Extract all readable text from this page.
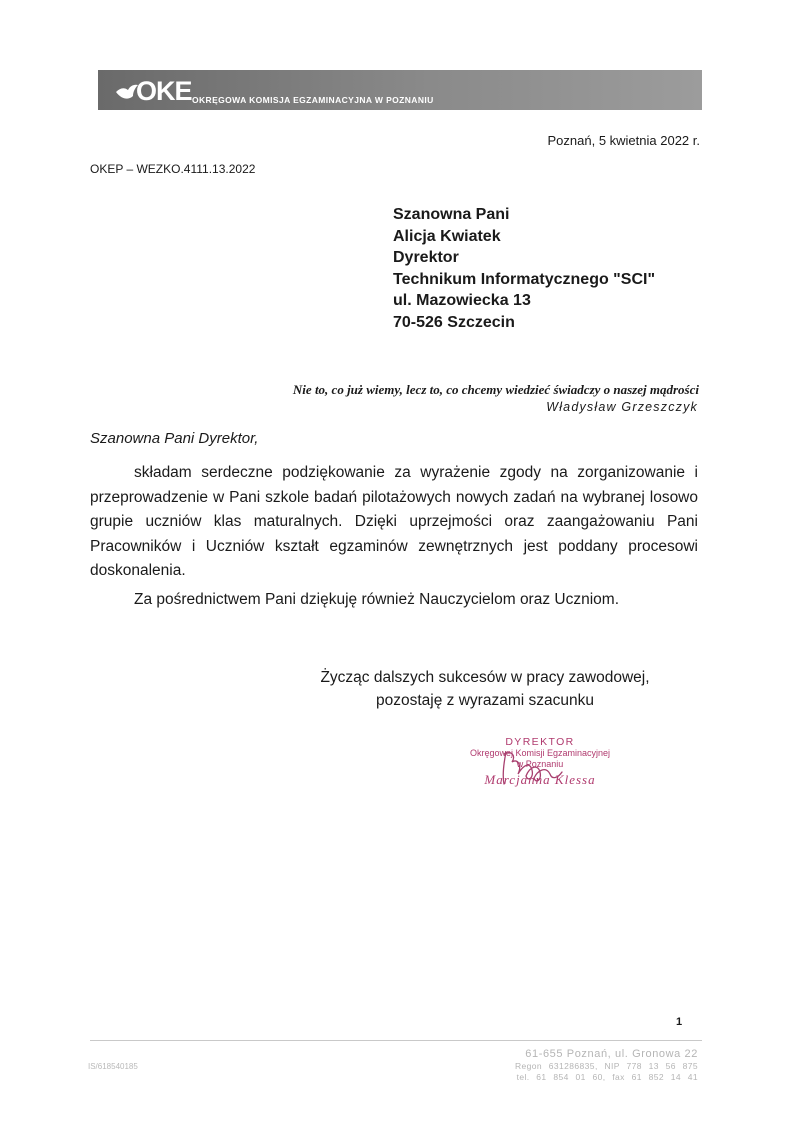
OKE OKRĘGOWA KOMISJA EGZAMINACYJNA W POZNANIU
Poznań, 5 kwietnia 2022 r.
OKEP – WEZKO.4111.13.2022
Szanowna Pani
Alicja Kwiatek
Dyrektor
Technikum Informatycznego "SCI"
ul. Mazowiecka 13
70-526 Szczecin
Nie to, co już wiemy, lecz to, co chcemy wiedzieć świadczy o naszej mądrości
Władysław Grzeszczyk
Szanowna Pani Dyrektor,

składam serdeczne podziękowanie za wyrażenie zgody na zorganizowanie i przeprowadzenie w Pani szkole badań pilotażowych nowych zadań na wybranej losowo grupie uczniów klas maturalnych. Dzięki uprzejmości oraz zaangażowaniu Pani Pracowników i Uczniów kształt egzaminów zewnętrznych jest poddany procesowi doskonalenia.

Za pośrednictwem Pani dziękuję również Nauczycielom oraz Uczniom.

Życząc dalszych sukcesów w pracy zawodowej,
pozostaję z wyrazami szacunku
DYREKTOR
Okręgowej Komisji Egzaminacyjnej
w Poznaniu
Marcjanna Klessa
1
IS/618540185
61-655 Poznań, ul. Gronowa 22
Regon 631286835, NIP 778 13 56 875
tel. 61 854 01 60, fax 61 852 14 41
